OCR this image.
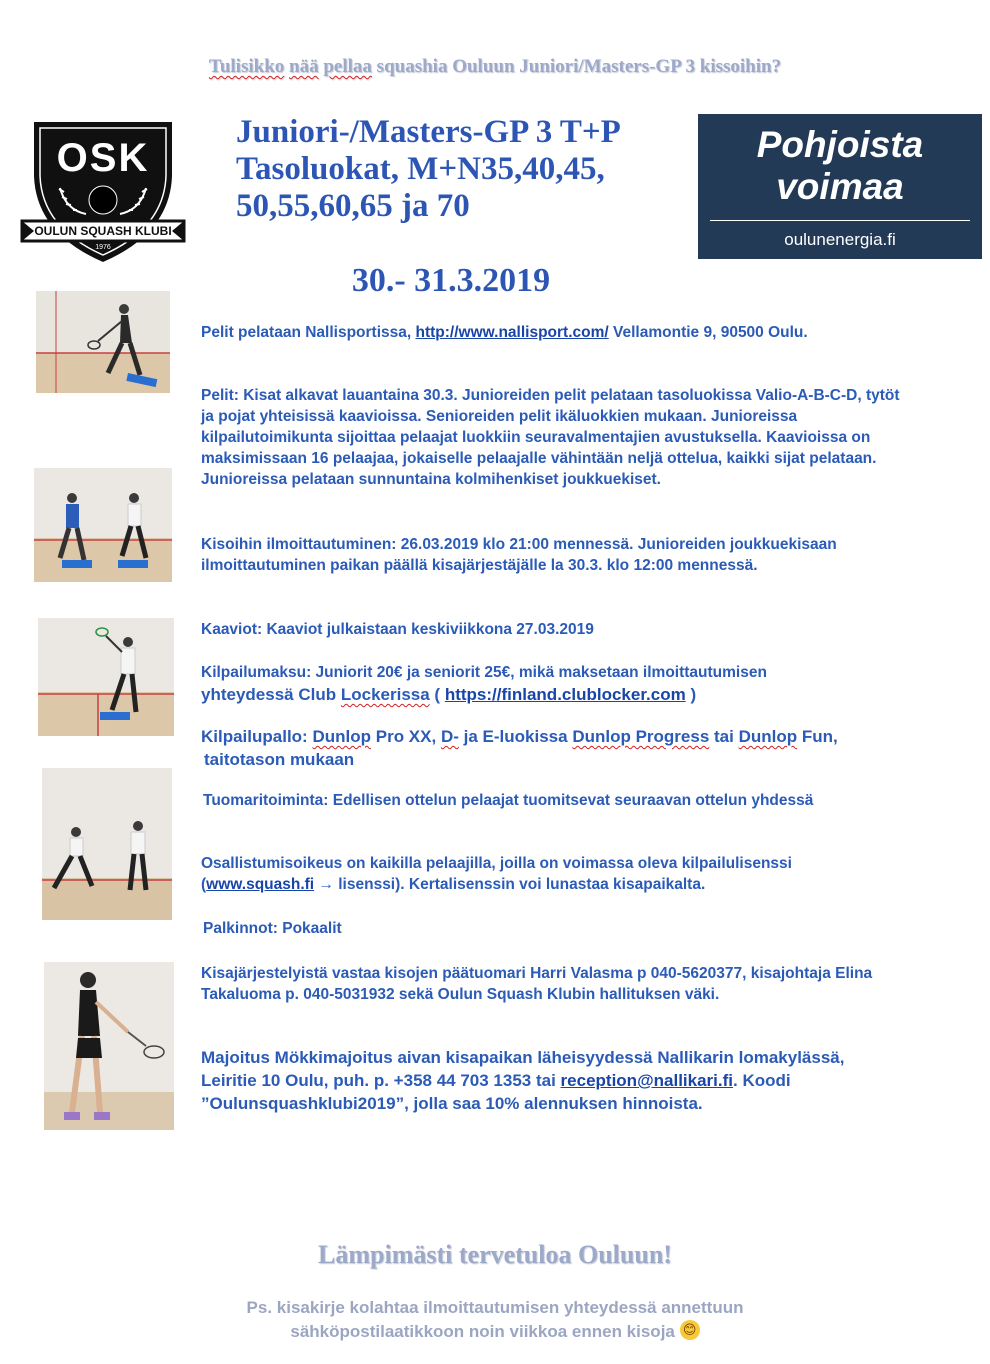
Tulisikko nää pellaa squashia Ouluun Juniori/Masters-GP 3 kissoihin?
OSK
OULUN SQUASH KLUBI
1976
Juniori-/Masters-GP 3 T+P
Tasoluokat, M+N35,40,45,
50,55,60,65 ja 70
Pohjoista
voimaa
oulunenergia.fi
30.- 31.3.2019
Pelit pelataan Nallisportissa, http://www.nallisport.com/ Vellamontie 9, 90500 Oulu.
Pelit: Kisat alkavat lauantaina 30.3. Junioreiden pelit pelataan tasoluokissa Valio-A-B-C-D, tytöt ja pojat yhteisissä kaavioissa. Senioreiden pelit ikäluokkien mukaan. Junioreissa kilpailutoimikunta sijoittaa pelaajat luokkiin seuravalmentajien avustuksella. Kaavioissa on maksimissaan 16 pelaajaa, jokaiselle pelaajalle vähintään neljä ottelua, kaikki sijat pelataan. Junioreissa pelataan sunnuntaina kolmihenkiset joukkuekiset.
Kisoihin ilmoittautuminen: 26.03.2019 klo 21:00 mennessä. Junioreiden joukkuekisaan ilmoittautuminen paikan päällä kisajärjestäjälle la 30.3. klo 12:00 mennessä.
Kaaviot: Kaaviot julkaistaan keskiviikkona 27.03.2019
Kilpailumaksu: Juniorit 20€ ja seniorit 25€, mikä maksetaan ilmoittautumisen
yhteydessä Club Lockerissa ( https://finland.clublocker.com )
Kilpailupallo: Dunlop Pro XX, D- ja E-luokissa Dunlop Progress tai Dunlop Fun,
taitotason mukaan
Tuomaritoiminta: Edellisen ottelun pelaajat tuomitsevat seuraavan ottelun yhdessä
Osallistumisoikeus on kaikilla pelaajilla, joilla on voimassa oleva kilpailulisenssi
(www.squash.fi → lisenssi). Kertalisenssin voi lunastaa kisapaikalta.
Palkinnot: Pokaalit
Kisajärjestelyistä vastaa kisojen päätuomari Harri Valasma p 040-5620377, kisajohtaja Elina Takaluoma p. 040-5031932 sekä Oulun Squash Klubin hallituksen väki.
Majoitus Mökkimajoitus aivan kisapaikan läheisyydessä Nallikarin lomakylässä, Leiritie 10 Oulu, puh. p. +358 44 703 1353 tai reception@nallikari.fi. Koodi ”Oulunsquashklubi2019”, jolla saa 10% alennuksen hinnoista.
Lämpimästi tervetuloa Ouluun!
Ps. kisakirje kolahtaa ilmoittautumisen yhteydessä annettuun
sähköpostilaatikkoon noin viikkoa ennen kisoja 😊
